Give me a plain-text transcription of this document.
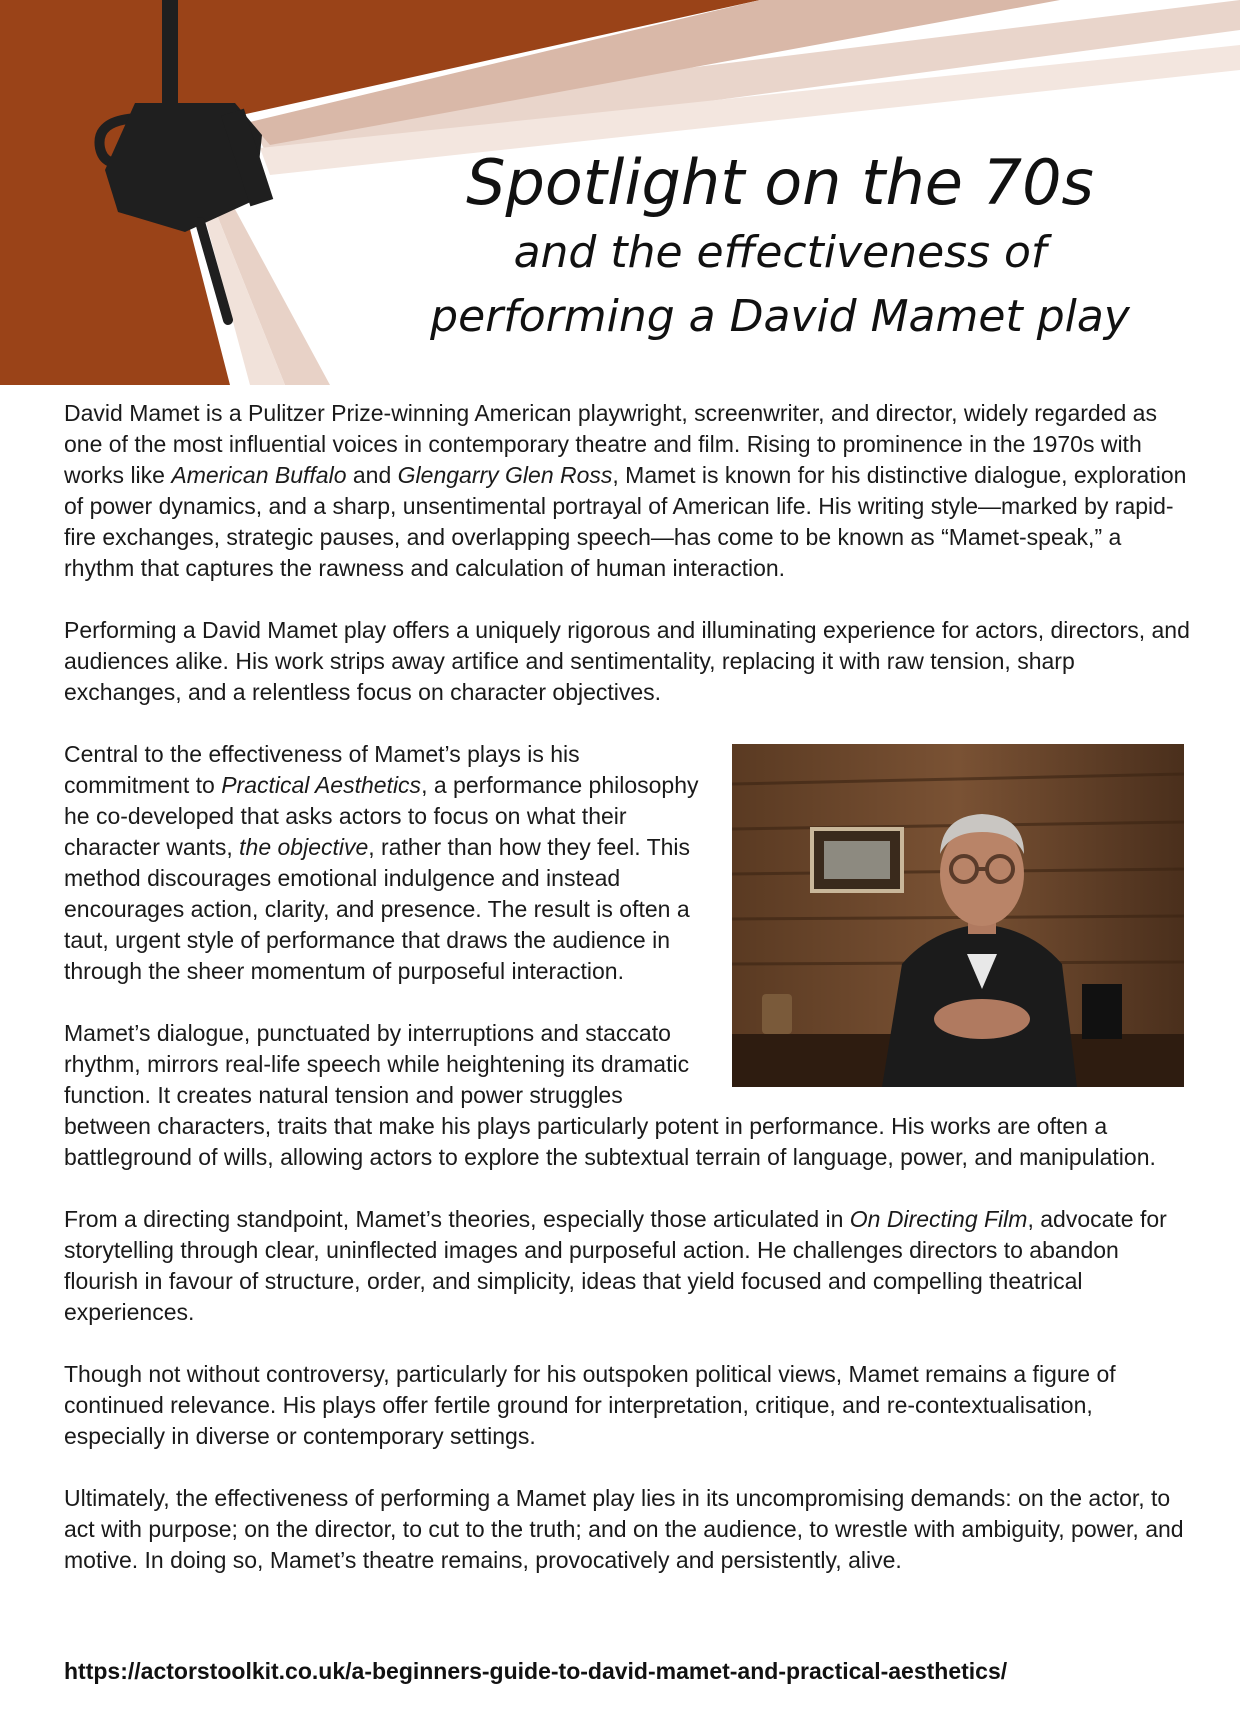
Spotlight on the 70s
and the effectiveness of
performing a David Mamet play

David Mamet is a Pulitzer Prize-winning American playwright, screenwriter, and director, widely regarded as one of the most influential voices in contemporary theatre and film. Rising to prominence in the 1970s with works like American Buffalo and Glengarry Glen Ross, Mamet is known for his distinctive dialogue, exploration of power dynamics, and a sharp, unsentimental portrayal of American life. His writing style—marked by rapid-fire exchanges, strategic pauses, and overlapping speech—has come to be known as “Mamet-speak,” a rhythm that captures the rawness and calculation of human interaction.

Performing a David Mamet play offers a uniquely rigorous and illuminating experience for actors, directors, and audiences alike. His work strips away artifice and sentimentality, replacing it with raw tension, sharp exchanges, and a relentless focus on character objectives.

Central to the effectiveness of Mamet’s plays is his commitment to Practical Aesthetics, a performance philosophy he co-developed that asks actors to focus on what their character wants, the objective, rather than how they feel. This method discourages emotional indulgence and instead encourages action, clarity, and presence. The result is often a taut, urgent style of performance that draws the audience in through the sheer momentum of purposeful interaction.

Mamet’s dialogue, punctuated by interruptions and staccato rhythm, mirrors real-life speech while heightening its dramatic function. It creates natural tension and power struggles between characters, traits that make his plays particularly potent in performance. His works are often a battleground of wills, allowing actors to explore the subtextual terrain of language, power, and manipulation.

From a directing standpoint, Mamet’s theories, especially those articulated in On Directing Film, advocate for storytelling through clear, uninflected images and purposeful action. He challenges directors to abandon flourish in favour of structure, order, and simplicity, ideas that yield focused and compelling theatrical experiences.

Though not without controversy, particularly for his outspoken political views, Mamet remains a figure of continued relevance. His plays offer fertile ground for interpretation, critique, and re-contextualisation, especially in diverse or contemporary settings.

Ultimately, the effectiveness of performing a Mamet play lies in its uncompromising demands: on the actor, to act with purpose; on the director, to cut to the truth; and on the audience, to wrestle with ambiguity, power, and motive. In doing so, Mamet’s theatre remains, provocatively and persistently, alive.

https://actorstoolkit.co.uk/a-beginners-guide-to-david-mamet-and-practical-aesthetics/
